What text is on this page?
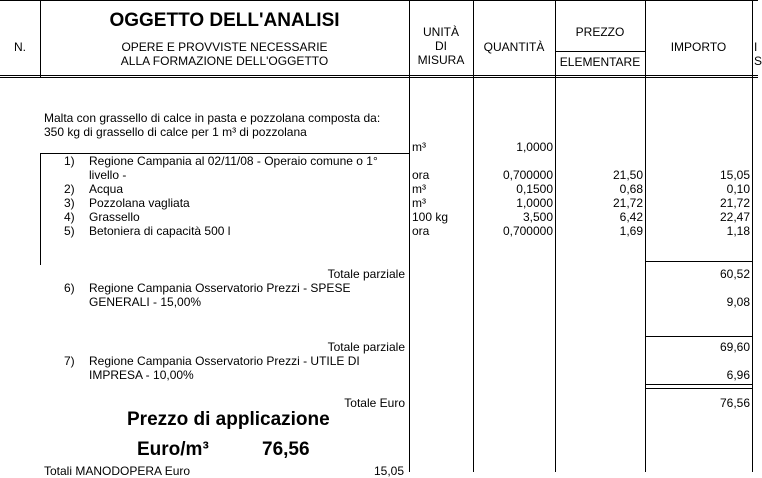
N.
OGGETTO DELL'ANALISI
OPERE E PROVVISTE NECESSARIE
ALLA FORMAZIONE DELL'OGGETTO
UNITÀ
DI
MISURA
QUANTITÀ
PREZZO
ELEMENTARE
IMPORTO	I
S
Malta con grassello di calce in pasta e pozzolana composta da:
350 kg di grassello di calce per 1 m³ di pozzolana
m³	1,0000
1) Regione Campania al 02/11/08 - Operaio comune o 1°
livello -	ora	0,700000	21,50	15,05
2) Acqua	m³	0,1500	0,68	0,10
3) Pozzolana vagliata	m³	1,0000	21,72	21,72
4) Grassello	100 kg	3,500	6,42	22,47
5) Betoniera di capacità 500 l	ora	0,700000	1,69	1,18
Totale parziale	60,52
6) Regione Campania Osservatorio Prezzi - SPESE
GENERALI - 15,00%	9,08
Totale parziale	69,60
7) Regione Campania Osservatorio Prezzi - UTILE DI
IMPRESA - 10,00%	6,96
Totale Euro	76,56
Prezzo di applicazione
Euro/m³	76,56
Totali MANODOPERA Euro	15,05
